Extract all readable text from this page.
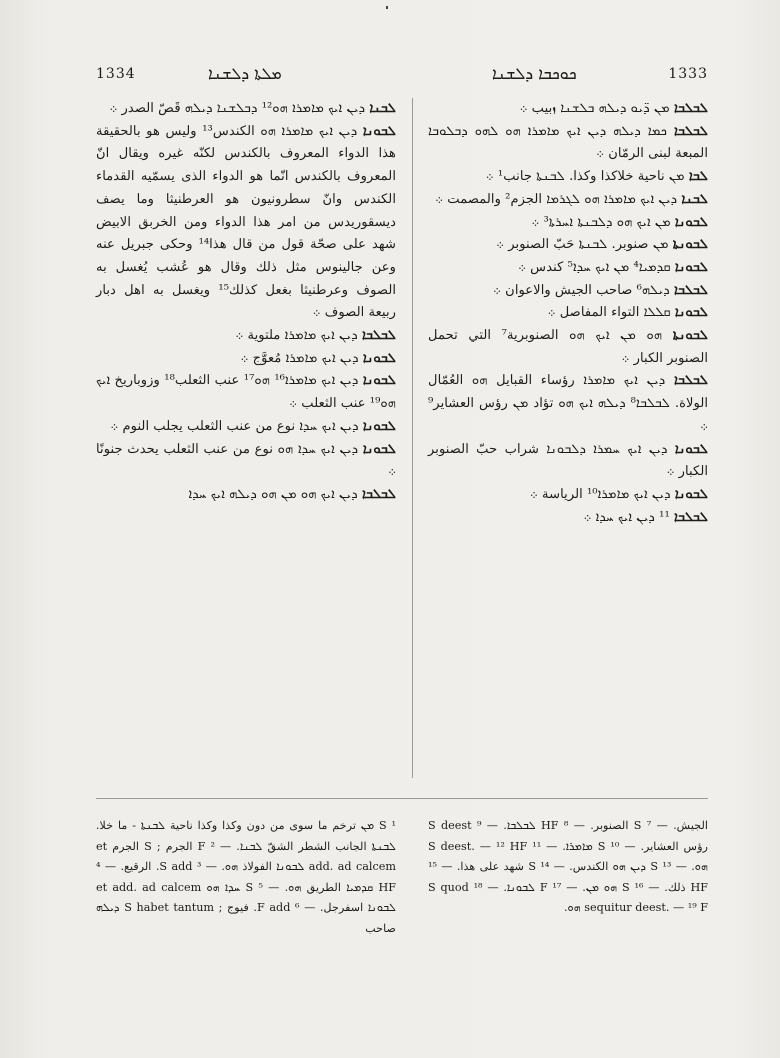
1334	ܡܠܬܐ ܕܠܫܢܐ	ܟܘܟܒܐ ܕܠܫܢܐ	1333

ܠܒܢܐ ܕܝܢ ܐܝܟ ܡܐܡܪܐ ܗܘ¹² ܕܒܠܫܢܐ ܕܝܠܗ قَصّ الصدر ܀

ܠܒܘܢܐ ܕܝܢ ܐܝܟ ܡܐܡܪܐ ܗܘ الكندس¹³ وليس هو بالحقيقة هذا الدواء المعروف بالكندس لكنّه غيره ويقال انّ المعروف بالكندس انّما هو الدواء الذى يسمّيه القدماء الكندس وانّ سطرونيون هو العرطنيثا وما يصف ديسقوريدس من امر هذا الدواء ومن الخربق الابيض شهد على صحّة قول من قال هذا¹⁴ وحكى جبريل عنه وعن جالينوس مثل ذلك وقال هو عُشب يُغسل به الصوف وعرطنيثا بغعل كذلك¹⁵ ويغسل به اهل دبار ربيعة الصوف ܀

ܠܒܠܒܐ ܕܝܢ ܐܝܟ ܡܐܡܪܐ ملتوية ܀

ܠܒܘܢܐ ܕܝܢ ܐܝܟ ܡܐܡܪܐ مُعوَّج ܀

ܠܒܘܢܐ ܕܝܢ ܐܝܟ ܡܐܡܪܐ¹⁶ ܗܘ¹⁷ عنب الثعلب¹⁸ وزوباريخ ܐܝܟ ܗܘ¹⁹ عنب الثعلب ܀

ܠܒܘܢܐ ܕܝܢ ܐܝܟ ܚܕܐ نوع من عنب الثعلب يجلب النوم ܀

ܠܒܘܢܐ ܕܝܢ ܐܝܟ ܚܕܐ ܗܘ نوع من عنب الثعلب يحدث جنونًا ܀

ܠܒܠܒܐ ܕܝܢ ܐܝܟ ܗܘ ܡܢ ܗܘ ܕܝܠܗ ܐܝܟ ܚܕܐ

ܠܒܠܒܐ ܡܢ ܕ̈ܝܘ ܕܝܠܗ ܒܠܫܢܐ ܙبيب ܀

ܠܒܠܒܐ ܟܡܐ ܕܝܠܗ ܕܝܢ ܐܝܟ ܡܐܡܪܐ ܗܘ ܠܗܘ ܕܒܠܘܒܐ المبعة لبنى الرمّان ܀

ܠܒܐ ܡܢ ناحية خلاكذا وكذا. ܠܒܢܬܐ جانب¹ ܀

ܠܒܢܐ ܕܝܢ ܐܝܟ ܡܐܡܪܐ ܗܘ ܠܓܪܡܐ الجزم² والمصمت ܀

ܠܒܘܢܐ ܡܢ ܐܝܟ ܗܘ ܕܠܒܢܬܐ ܐܚܪܬܐ³ ܀

ܠܒܘܢܬܐ ܡܢ صنوبر. ܠܒܢܬܐ حَبّ الصنوبر ܀

ܠܒܘܢܐ ܩܕܡܝܐ⁴ ܡܢ ܐܝܟ ܚܕܐ⁵ كندس ܀

ܠܒܠܒܐ ܕܝܠܗ⁶ صاحب الجيش والاعوان ܀

ܠܒܘܢܐ ܩܠܠܐ التواء المفاصل ܀

ܠܒܘܢܬܐ ܗܘ ܡܢ ܐܝܟ ܗܘ الصنوبرية⁷ التي تحمل الصنوبر الكبار ܀

ܠܒܠܒܐ ܕܝܢ ܐܝܟ ܡܐܡܪܐ رؤساء القبايل ܗܘ العُمّال الولاة. ܠܒܠܒܐ⁸ ܕܝܠܗ ܐܝܟ ܗܘ تؤاد ܡܢ رؤس العشاير⁹ ܀

ܠܒܘܢܐ ܕܝܢ ܐܝܟ ܚܡܪܐ ܕܠܒܘܢܐ شراب حبّ الصنوبر الكبار ܀

ܠܒܘܢܐ ܕܝܢ ܐܝܟ ܡܐܡܪܐ¹⁰ الرياسة ܀

ܠܒܠܒܐ ¹¹ ܕܝܢ ܐܝܟ ܚܕܐ ܀

¹ S ܡܢ ترخم ما سوى من دون وكذا وكذا ناحية ܠܒܢܬܐ - ما خلا. ܠܒܢܬܐ الجانب الشطر الشقّ ܠܒܢܐ. — ² F الجرم ; S الجرم et add. ad calcem ܠܒܘܢܐ الفولاذ ܗܘ. — ³ S add. الرقيع. — ⁴ HF ܩܕܡܝܐ الطريق ܗܘ. — ⁵ S ܚܕܐ ܗܘ et add. ad calcem ܠܒܘܢܐ اسفرجل. — ⁶ F add. فيوج ; S habet tantum ܕܝܠܗ صاحب

الجيش. — ⁷ S الصنوبر. — ⁸ HF ܠܒܠܒܐ. — ⁹ S deest رؤس العشاير. — ¹⁰ S ܡܐܡܪܐ. — ¹¹ S deest. — ¹² HF ܗܘ. — ¹³ S ܕܝܢ ܗܘ الكندس. — ¹⁴ S شهد على هذا. — ¹⁵ HF ذلك. — ¹⁶ S ܗܘ ܡܢ. — ¹⁷ F ܠܒܘܢܐ. — ¹⁸ S quod sequitur deest. — ¹⁹ F ܗܘ.
